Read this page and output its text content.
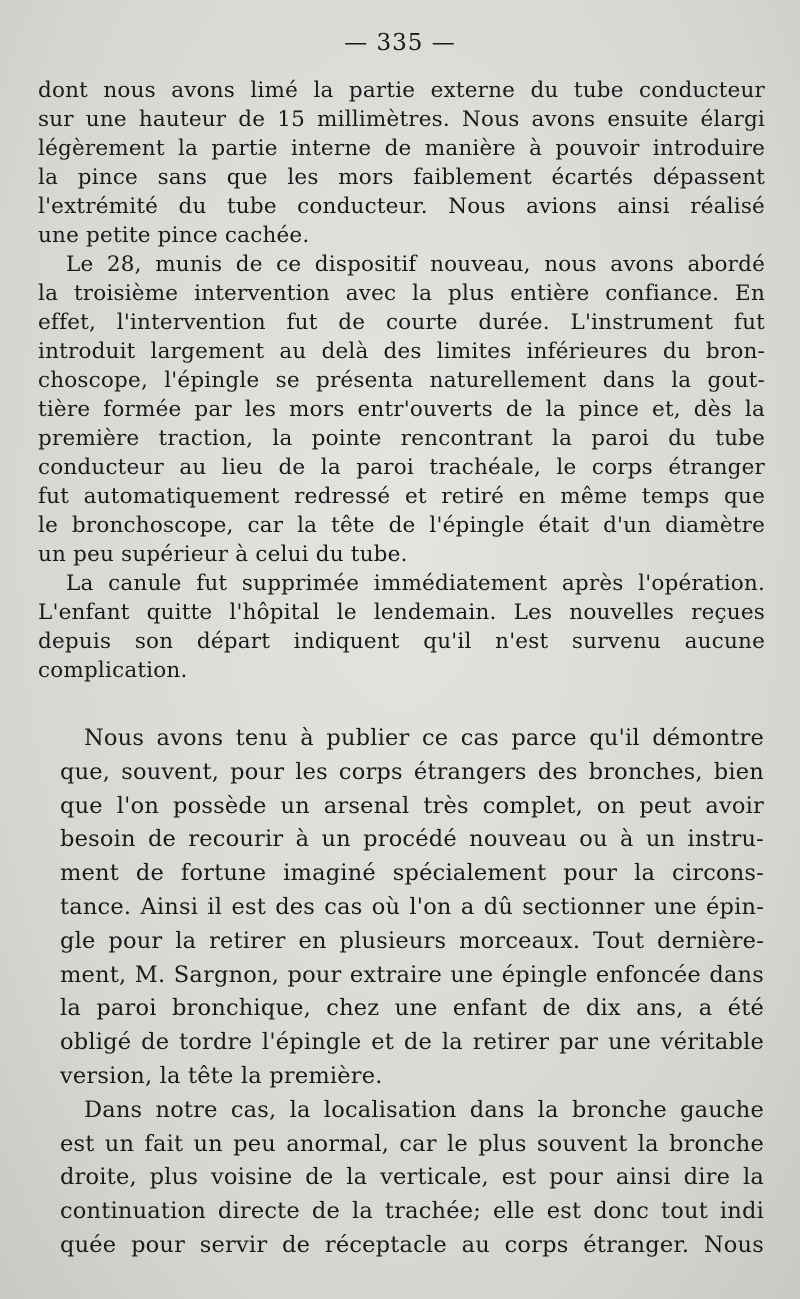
— 335 —
dont nous avons limé la partie externe du tube conducteur
sur une hauteur de 15 millimètres. Nous avons ensuite élargi
légèrement la partie interne de manière à pouvoir introduire
la pince sans que les mors faiblement écartés dépassent
l'extrémité du tube conducteur. Nous avions ainsi réalisé
une petite pince cachée.
Le 28, munis de ce dispositif nouveau, nous avons abordé
la troisième intervention avec la plus entière confiance. En
effet, l'intervention fut de courte durée. L'instrument fut
introduit largement au delà des limites inférieures du bron-
choscope, l'épingle se présenta naturellement dans la gout-
tière formée par les mors entr'ouverts de la pince et, dès la
première traction, la pointe rencontrant la paroi du tube
conducteur au lieu de la paroi trachéale, le corps étranger
fut automatiquement redressé et retiré en même temps que
le bronchoscope, car la tête de l'épingle était d'un diamètre
un peu supérieur à celui du tube.
La canule fut supprimée immédiatement après l'opération.
L'enfant quitte l'hôpital le lendemain. Les nouvelles reçues
depuis son départ indiquent qu'il n'est survenu aucune
complication.
Nous avons tenu à publier ce cas parce qu'il démontre
que, souvent, pour les corps étrangers des bronches, bien
que l'on possède un arsenal très complet, on peut avoir
besoin de recourir à un procédé nouveau ou à un instru-
ment de fortune imaginé spécialement pour la circons-
tance. Ainsi il est des cas où l'on a dû sectionner une épin-
gle pour la retirer en plusieurs morceaux. Tout dernière-
ment, M. Sargnon, pour extraire une épingle enfoncée dans
la paroi bronchique, chez une enfant de dix ans, a été
obligé de tordre l'épingle et de la retirer par une véritable
version, la tête la première.
Dans notre cas, la localisation dans la bronche gauche
est un fait un peu anormal, car le plus souvent la bronche
droite, plus voisine de la verticale, est pour ainsi dire la
continuation directe de la trachée; elle est donc tout indi
quée pour servir de réceptacle au corps étranger. Nous
